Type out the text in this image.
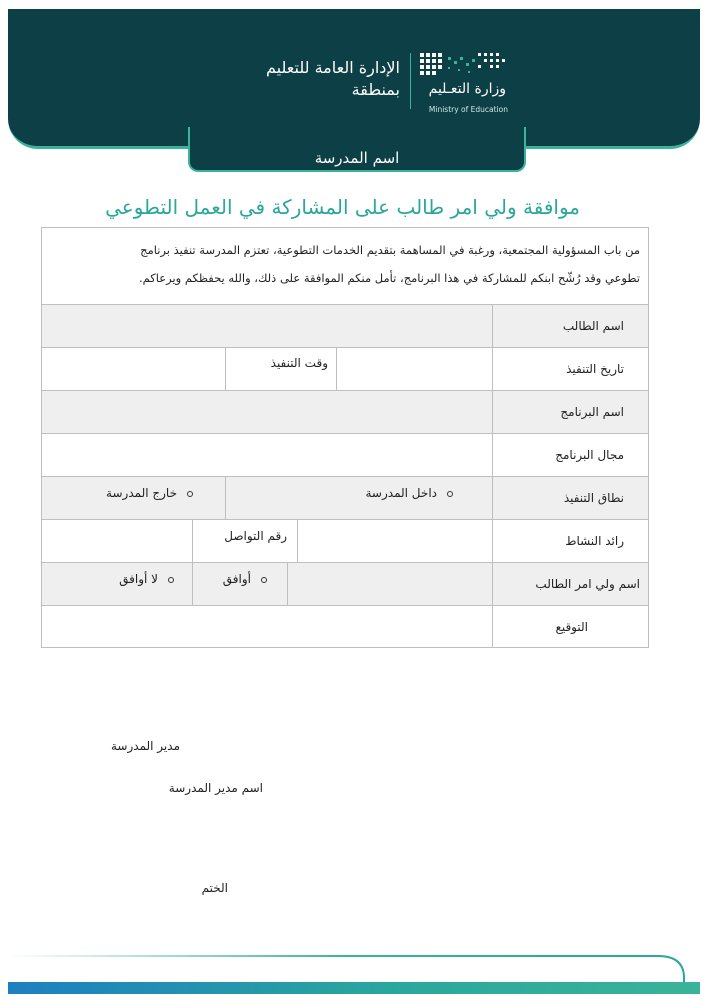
وزارة التعـليم
Ministry of Education
الإدارة العامة للتعليم
بمنطقة
اسم المدرسة
موافقة ولي امر طالب على المشاركة في العمل التطوعي
من باب المسؤولية المجتمعية، ورغبة في المساهمة بتقديم الخدمات التطوعية، تعتزم المدرسة تنفيذ برنامج
تطوعي وقد رُشّح ابنكم للمشاركة في هذا البرنامج، تأمل منكم الموافقة على ذلك، والله يحفظكم ويرعاكم.
اسم الطالب
تاريخ التنفيذ
وقت التنفيذ
اسم البرنامج
مجال البرنامج
نطاق التنفيذ
داخل المدرسة
خارج المدرسة
رائد النشاط
رقم التواصل
اسم ولي امر الطالب
أوافق
لا أوافق
التوقيع
مدير المدرسة
اسم مدير المدرسة
الختم
